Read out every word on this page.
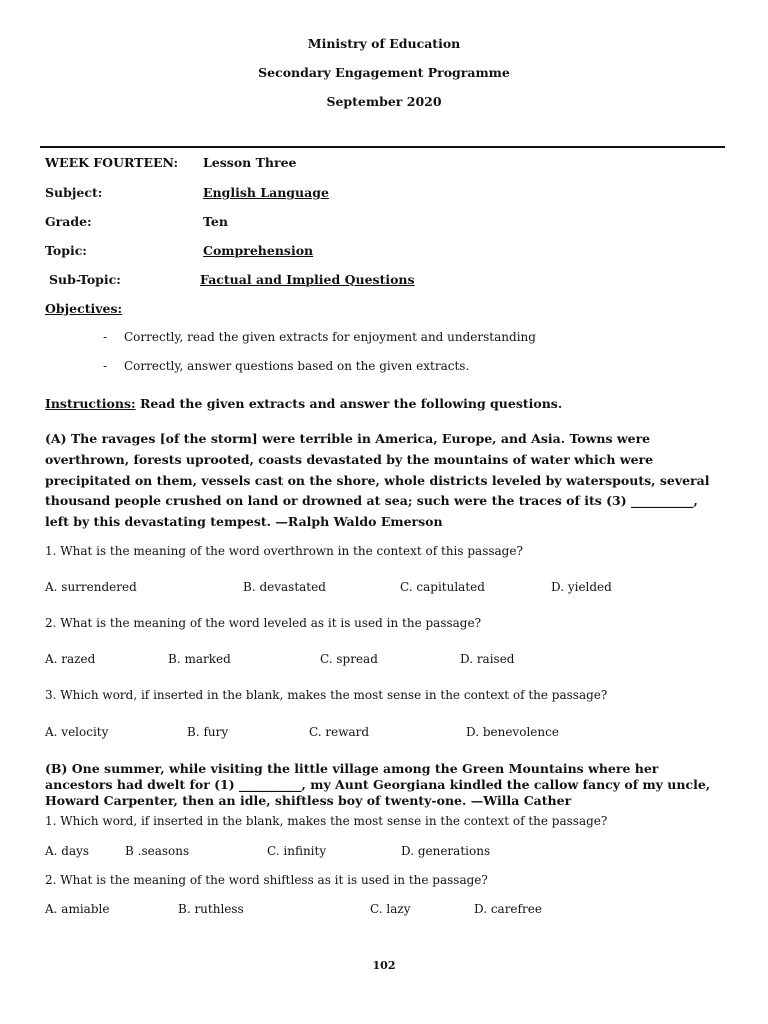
Ministry of Education
Secondary Engagement Programme
September 2020
WEEK FOURTEEN: Lesson Three
Subject:	English Language
Grade:	Ten
Topic:	Comprehension
Sub-Topic:	Factual and Implied Questions
Objectives:
- Correctly, read the given extracts for enjoyment and understanding
- Correctly, answer questions based on the given extracts.
Instructions: Read the given extracts and answer the following questions.
(A) The ravages [of the storm] were terrible in America, Europe, and Asia. Towns were overthrown, forests uprooted, coasts devastated by the mountains of water which were precipitated on them, vessels cast on the shore, whole districts leveled by waterspouts, several thousand people crushed on land or drowned at sea; such were the traces of its (3) __________, left by this devastating tempest. —Ralph Waldo Emerson
1. What is the meaning of the word overthrown in the context of this passage?
A. surrendered	B. devastated	C. capitulated	D. yielded
2. What is the meaning of the word leveled as it is used in the passage?
A. razed	B. marked	C. spread	D. raised
3. Which word, if inserted in the blank, makes the most sense in the context of the passage?
A. velocity	B. fury	C. reward	D. benevolence
(B) One summer, while visiting the little village among the Green Mountains where her ancestors had dwelt for (1) __________, my Aunt Georgiana kindled the callow fancy of my uncle, Howard Carpenter, then an idle, shiftless boy of twenty-one. —Willa Cather
1. Which word, if inserted in the blank, makes the most sense in the context of the passage?
A. days	B .seasons	C. infinity	D. generations
2. What is the meaning of the word shiftless as it is used in the passage?
A. amiable	B. ruthless	C. lazy	D. carefree
102
